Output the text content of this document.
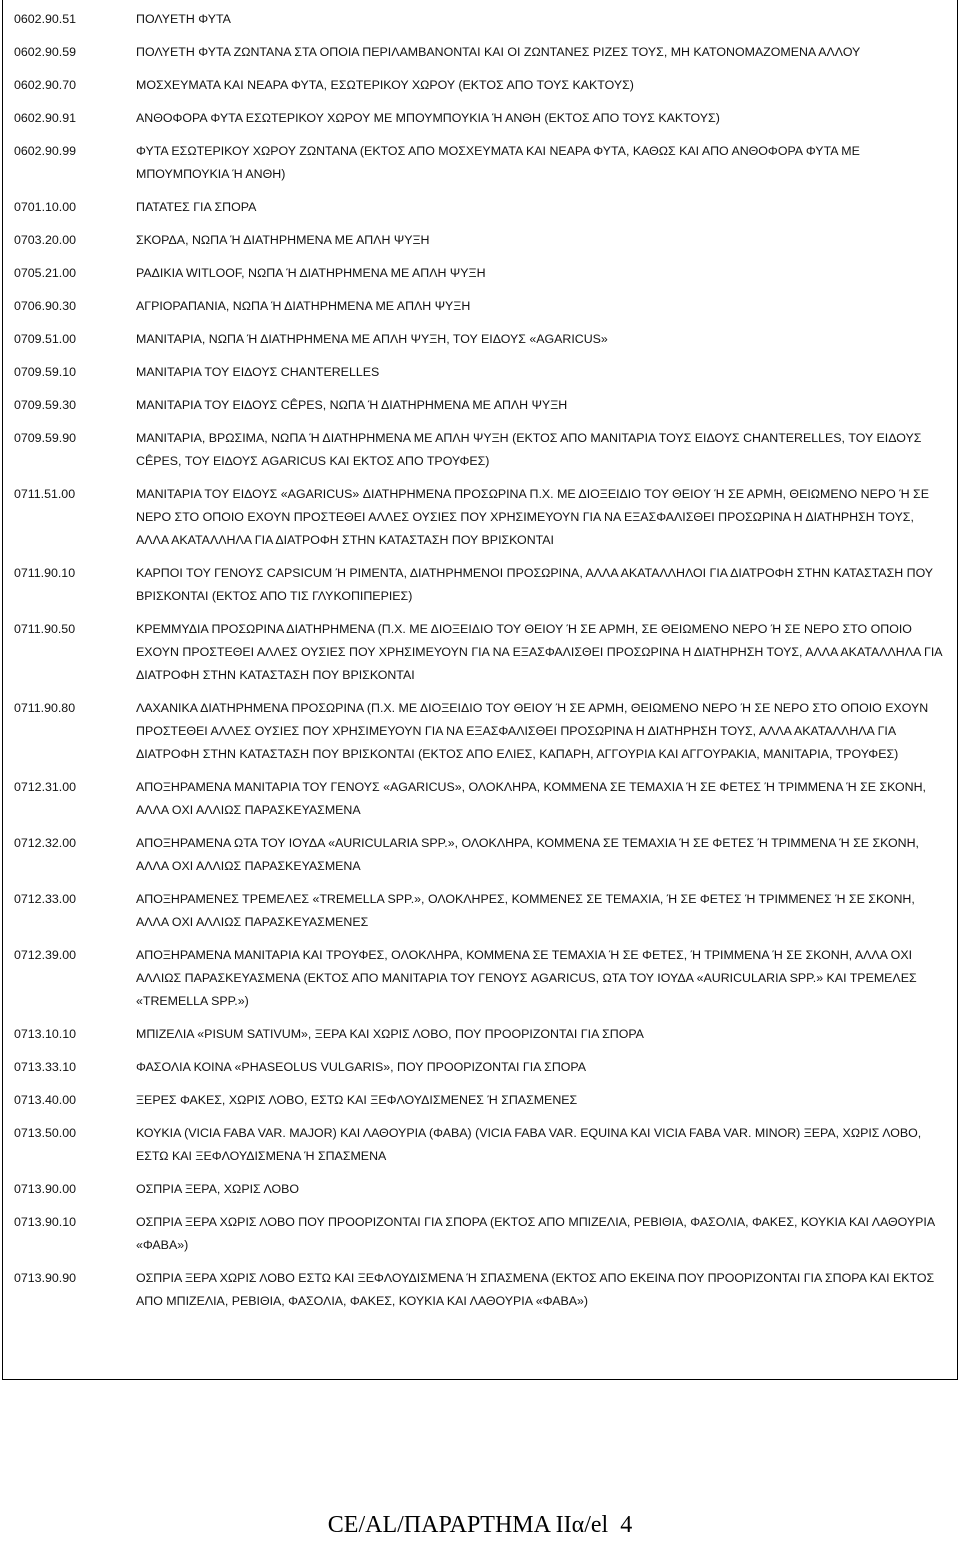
0602.90.51	ΠΟΛΥΕΤΗ ΦΥΤΑ
0602.90.59	ΠΟΛΥΕΤΗ ΦΥΤΑ ΖΩΝΤΑΝΑ ΣΤΑ ΟΠΟΙΑ ΠΕΡΙΛΑΜΒΑΝΟΝΤΑΙ ΚΑΙ ΟΙ ΖΩΝΤΑΝΕΣ ΡΙΖΕΣ ΤΟΥΣ, ΜΗ ΚΑΤΟΝΟΜΑΖΟΜΕΝΑ ΑΛΛΟΥ
0602.90.70	ΜΟΣΧΕΥΜΑΤΑ ΚΑΙ ΝΕΑΡΑ ΦΥΤΑ, ΕΣΩΤΕΡΙΚΟΥ ΧΩΡΟΥ (ΕΚΤΟΣ ΑΠΟ ΤΟΥΣ ΚΑΚΤΟΥΣ)
0602.90.91	ΑΝΘΟΦΟΡΑ ΦΥΤΑ ΕΣΩΤΕΡΙΚΟΥ ΧΩΡΟΥ ΜΕ ΜΠΟΥΜΠΟΥΚΙΑ Ή ΑΝΘΗ (ΕΚΤΟΣ ΑΠΟ ΤΟΥΣ ΚΑΚΤΟΥΣ)
0602.90.99	ΦΥΤΑ ΕΣΩΤΕΡΙΚΟΥ ΧΩΡΟΥ ΖΩΝΤΑΝΑ (ΕΚΤΟΣ ΑΠΟ ΜΟΣΧΕΥΜΑΤΑ ΚΑΙ ΝΕΑΡΑ ΦΥΤΑ, ΚΑΘΩΣ ΚΑΙ ΑΠΟ ΑΝΘΟΦΟΡΑ ΦΥΤΑ ΜΕ ΜΠΟΥΜΠΟΥΚΙΑ Ή ΑΝΘΗ)
0701.10.00	ΠΑΤΑΤΕΣ ΓΙΑ ΣΠΟΡΑ
0703.20.00	ΣΚΟΡΔΑ, ΝΩΠΑ Ή ΔΙΑΤΗΡΗΜΕΝΑ ΜΕ ΑΠΛΗ ΨΥΞΗ
0705.21.00	ΡΑΔΙΚΙΑ WITLOOF, ΝΩΠΑ Ή ΔΙΑΤΗΡΗΜΕΝΑ ΜΕ ΑΠΛΗ ΨΥΞΗ
0706.90.30	ΑΓΡΙΟΡΑΠΑΝΙΑ, ΝΩΠΑ Ή ΔΙΑΤΗΡΗΜΕΝΑ ΜΕ ΑΠΛΗ ΨΥΞΗ
0709.51.00	ΜΑΝΙΤΑΡΙΑ, ΝΩΠΑ Ή ΔΙΑΤΗΡΗΜΕΝΑ ΜΕ ΑΠΛΗ ΨΥΞΗ, ΤΟΥ ΕΙΔΟΥΣ «AGARICUS»
0709.59.10	ΜΑΝΙΤΑΡΙΑ ΤΟΥ ΕΙΔΟΥΣ CHANTERELLES
0709.59.30	ΜΑΝΙΤΑΡΙΑ ΤΟΥ ΕΙΔΟΥΣ CÊPES, ΝΩΠΑ Ή ΔΙΑΤΗΡΗΜΕΝΑ ΜΕ ΑΠΛΗ ΨΥΞΗ
0709.59.90	ΜΑΝΙΤΑΡΙΑ, ΒΡΩΣΙΜΑ, ΝΩΠΑ Ή ΔΙΑΤΗΡΗΜΕΝΑ ΜΕ ΑΠΛΗ ΨΥΞΗ (ΕΚΤΟΣ ΑΠΟ ΜΑΝΙΤΑΡΙΑ ΤΟΥΣ ΕΙΔΟΥΣ CHANTERELLES, ΤΟΥ ΕΙΔΟΥΣ CÊPES, ΤΟΥ ΕΙΔΟΥΣ AGARICUS ΚΑΙ ΕΚΤΟΣ ΑΠΟ ΤΡΟΥΦΕΣ)
0711.51.00	ΜΑΝΙΤΑΡΙΑ ΤΟΥ ΕΙΔΟΥΣ «AGARICUS» ΔΙΑΤΗΡΗΜΕΝΑ ΠΡΟΣΩΡΙΝΑ Π.Χ. ΜΕ ΔΙΟΞΕΙΔΙΟ ΤΟΥ ΘΕΙΟΥ Ή ΣΕ ΑΡΜΗ, ΘΕΙΩΜΕΝΟ ΝΕΡΟ Ή ΣΕ ΝΕΡΟ ΣΤΟ ΟΠΟΙΟ ΕΧΟΥΝ ΠΡΟΣΤΕΘΕΙ ΑΛΛΕΣ ΟΥΣΙΕΣ ΠΟΥ ΧΡΗΣΙΜΕΥΟΥΝ ΓΙΑ ΝΑ ΕΞΑΣΦΑΛΙΣΘΕΙ ΠΡΟΣΩΡΙΝΑ Η ΔΙΑΤΗΡΗΣΗ ΤΟΥΣ, ΑΛΛΑ ΑΚΑΤΑΛΛΗΛΑ ΓΙΑ ΔΙΑΤΡΟΦΗ ΣΤΗΝ ΚΑΤΑΣΤΑΣΗ ΠΟΥ ΒΡΙΣΚΟΝΤΑΙ
0711.90.10	ΚΑΡΠΟΙ ΤΟΥ ΓΕΝΟΥΣ CAPSICUM Ή ΡΙΜΕΝΤΑ, ΔΙΑΤΗΡΗΜΕΝΟΙ ΠΡΟΣΩΡΙΝΑ, ΑΛΛΑ ΑΚΑΤΑΛΛΗΛΟΙ ΓΙΑ ΔΙΑΤΡΟΦΗ ΣΤΗΝ ΚΑΤΑΣΤΑΣΗ ΠΟΥ ΒΡΙΣΚΟΝΤΑΙ (ΕΚΤΟΣ ΑΠΟ ΤΙΣ ΓΛΥΚΟΠΙΠΕΡΙΕΣ)
0711.90.50	ΚΡΕΜΜΥΔΙΑ ΠΡΟΣΩΡΙΝΑ ΔΙΑΤΗΡΗΜΕΝΑ (Π.Χ. ΜΕ ΔΙΟΞΕΙΔΙΟ ΤΟΥ ΘΕΙΟΥ Ή ΣΕ ΑΡΜΗ, ΣΕ ΘΕΙΩΜΕΝΟ ΝΕΡΟ Ή ΣΕ ΝΕΡΟ ΣΤΟ ΟΠΟΙΟ ΕΧΟΥΝ ΠΡΟΣΤΕΘΕΙ ΑΛΛΕΣ ΟΥΣΙΕΣ ΠΟΥ ΧΡΗΣΙΜΕΥΟΥΝ ΓΙΑ ΝΑ ΕΞΑΣΦΑΛΙΣΘΕΙ ΠΡΟΣΩΡΙΝΑ Η ΔΙΑΤΗΡΗΣΗ ΤΟΥΣ, ΑΛΛΑ ΑΚΑΤΑΛΛΗΛΑ ΓΙΑ ΔΙΑΤΡΟΦΗ ΣΤΗΝ ΚΑΤΑΣΤΑΣΗ ΠΟΥ ΒΡΙΣΚΟΝΤΑΙ
0711.90.80	ΛΑΧΑΝΙΚΑ ΔΙΑΤΗΡΗΜΕΝΑ ΠΡΟΣΩΡΙΝΑ (Π.Χ. ΜΕ ΔΙΟΞΕΙΔΙΟ ΤΟΥ ΘΕΙΟΥ Ή ΣΕ ΑΡΜΗ, ΘΕΙΩΜΕΝΟ ΝΕΡΟ Ή ΣΕ ΝΕΡΟ ΣΤΟ ΟΠΟΙΟ ΕΧΟΥΝ ΠΡΟΣΤΕΘΕΙ ΑΛΛΕΣ ΟΥΣΙΕΣ ΠΟΥ ΧΡΗΣΙΜΕΥΟΥΝ ΓΙΑ ΝΑ ΕΞΑΣΦΑΛΙΣΘΕΙ ΠΡΟΣΩΡΙΝΑ Η ΔΙΑΤΗΡΗΣΗ ΤΟΥΣ, ΑΛΛΑ ΑΚΑΤΑΛΛΗΛΑ ΓΙΑ ΔΙΑΤΡΟΦΗ ΣΤΗΝ ΚΑΤΑΣΤΑΣΗ ΠΟΥ ΒΡΙΣΚΟΝΤΑΙ (ΕΚΤΟΣ ΑΠΟ ΕΛΙΕΣ, ΚΑΠΑΡΗ, ΑΓΓΟΥΡΙΑ ΚΑΙ ΑΓΓΟΥΡΑΚΙΑ, ΜΑΝΙΤΑΡΙΑ, ΤΡΟΥΦΕΣ)
0712.31.00	ΑΠΟΞΗΡΑΜΕΝΑ ΜΑΝΙΤΑΡΙΑ ΤΟΥ ΓΕΝΟΥΣ «AGARICUS», ΟΛΟΚΛΗΡΑ, ΚΟΜΜΕΝΑ ΣΕ ΤΕΜΑΧΙΑ Ή ΣΕ ΦΕΤΕΣ Ή ΤΡΙΜΜΕΝΑ Ή ΣΕ ΣΚΟΝΗ, ΑΛΛΑ ΟΧΙ ΑΛΛΙΩΣ ΠΑΡΑΣΚΕΥΑΣΜΕΝΑ
0712.32.00	ΑΠΟΞΗΡΑΜΕΝΑ ΩΤΑ ΤΟΥ ΙΟΥΔΑ «AURICULARIA SPP.», ΟΛΟΚΛΗΡΑ, ΚΟΜΜΕΝΑ ΣΕ ΤΕΜΑΧΙΑ Ή ΣΕ ΦΕΤΕΣ Ή ΤΡΙΜΜΕΝΑ Ή ΣΕ ΣΚΟΝΗ, ΑΛΛΑ ΟΧΙ ΑΛΛΙΩΣ ΠΑΡΑΣΚΕΥΑΣΜΕΝΑ
0712.33.00	ΑΠΟΞΗΡΑΜΕΝΕΣ ΤΡΕΜΕΛΕΣ «TREMELLA SPP.», ΟΛΟΚΛΗΡΕΣ, ΚΟΜΜΕΝΕΣ ΣΕ ΤΕΜΑΧΙΑ, Ή ΣΕ ΦΕΤΕΣ Ή ΤΡΙΜΜΕΝΕΣ Ή ΣΕ ΣΚΟΝΗ, ΑΛΛΑ ΟΧΙ ΑΛΛΙΩΣ ΠΑΡΑΣΚΕΥΑΣΜΕΝΕΣ
0712.39.00	ΑΠΟΞΗΡΑΜΕΝΑ ΜΑΝΙΤΑΡΙΑ ΚΑΙ ΤΡΟΥΦΕΣ, ΟΛΟΚΛΗΡΑ, ΚΟΜΜΕΝΑ ΣΕ ΤΕΜΑΧΙΑ Ή ΣΕ ΦΕΤΕΣ, Ή ΤΡΙΜΜΕΝΑ Ή ΣΕ ΣΚΟΝΗ, ΑΛΛΑ ΟΧΙ ΑΛΛΙΩΣ ΠΑΡΑΣΚΕΥΑΣΜΕΝΑ (ΕΚΤΟΣ ΑΠΟ ΜΑΝΙΤΑΡΙΑ ΤΟΥ ΓΕΝΟΥΣ AGARICUS, ΩΤΑ ΤΟΥ ΙΟΥΔΑ «AURICULARIA SPP.» ΚΑΙ ΤΡΕΜΕΛΕΣ «TREMELLA SPP.»)
0713.10.10	ΜΠΙΖΕΛΙΑ «PISUM SATIVUM», ΞΕΡΑ ΚΑΙ ΧΩΡΙΣ ΛΟΒΟ, ΠΟΥ ΠΡΟΟΡΙΖΟΝΤΑΙ ΓΙΑ ΣΠΟΡΑ
0713.33.10	ΦΑΣΟΛΙΑ ΚΟΙΝΑ «PHASEOLUS VULGARIS», ΠΟΥ ΠΡΟΟΡΙΖΟΝΤΑΙ ΓΙΑ ΣΠΟΡΑ
0713.40.00	ΞΕΡΕΣ ΦΑΚΕΣ, ΧΩΡΙΣ ΛΟΒΟ, ΕΣΤΩ ΚΑΙ ΞΕΦΛΟΥΔΙΣΜΕΝΕΣ Ή ΣΠΑΣΜΕΝΕΣ
0713.50.00	ΚΟΥΚΙΑ (VICIA FABA VAR. MAJOR) ΚΑΙ ΛΑΘΟΥΡΙΑ (ΦΑΒΑ) (VICIA FABA VAR. EQUINA ΚΑΙ VICIA FABA VAR. MINOR) ΞΕΡΑ, ΧΩΡΙΣ ΛΟΒΟ, ΕΣΤΩ ΚΑΙ ΞΕΦΛΟΥΔΙΣΜΕΝΑ Ή ΣΠΑΣΜΕΝΑ
0713.90.00	ΟΣΠΡΙΑ ΞΕΡΑ, ΧΩΡΙΣ ΛΟΒΟ
0713.90.10	ΟΣΠΡΙΑ ΞΕΡΑ ΧΩΡΙΣ ΛΟΒΟ ΠΟΥ ΠΡΟΟΡΙΖΟΝΤΑΙ ΓΙΑ ΣΠΟΡΑ (ΕΚΤΟΣ ΑΠΟ ΜΠΙΖΕΛΙΑ, ΡΕΒΙΘΙΑ, ΦΑΣΟΛΙΑ, ΦΑΚΕΣ, ΚΟΥΚΙΑ ΚΑΙ ΛΑΘΟΥΡΙΑ «ΦΑΒΑ»)
0713.90.90	ΟΣΠΡΙΑ ΞΕΡΑ ΧΩΡΙΣ ΛΟΒΟ ΕΣΤΩ ΚΑΙ ΞΕΦΛΟΥΔΙΣΜΕΝΑ Ή ΣΠΑΣΜΕΝΑ (ΕΚΤΟΣ ΑΠΟ ΕΚΕΙΝΑ ΠΟΥ ΠΡΟΟΡΙΖΟΝΤΑΙ ΓΙΑ ΣΠΟΡΑ ΚΑΙ ΕΚΤΟΣ ΑΠΟ ΜΠΙΖΕΛΙΑ, ΡΕΒΙΘΙΑ, ΦΑΣΟΛΙΑ, ΦΑΚΕΣ, ΚΟΥΚΙΑ ΚΑΙ ΛΑΘΟΥΡΙΑ «ΦΑΒΑ»)
CE/AL/ΠΑΡΑΡΤΗΜΑ IIα/el 4
